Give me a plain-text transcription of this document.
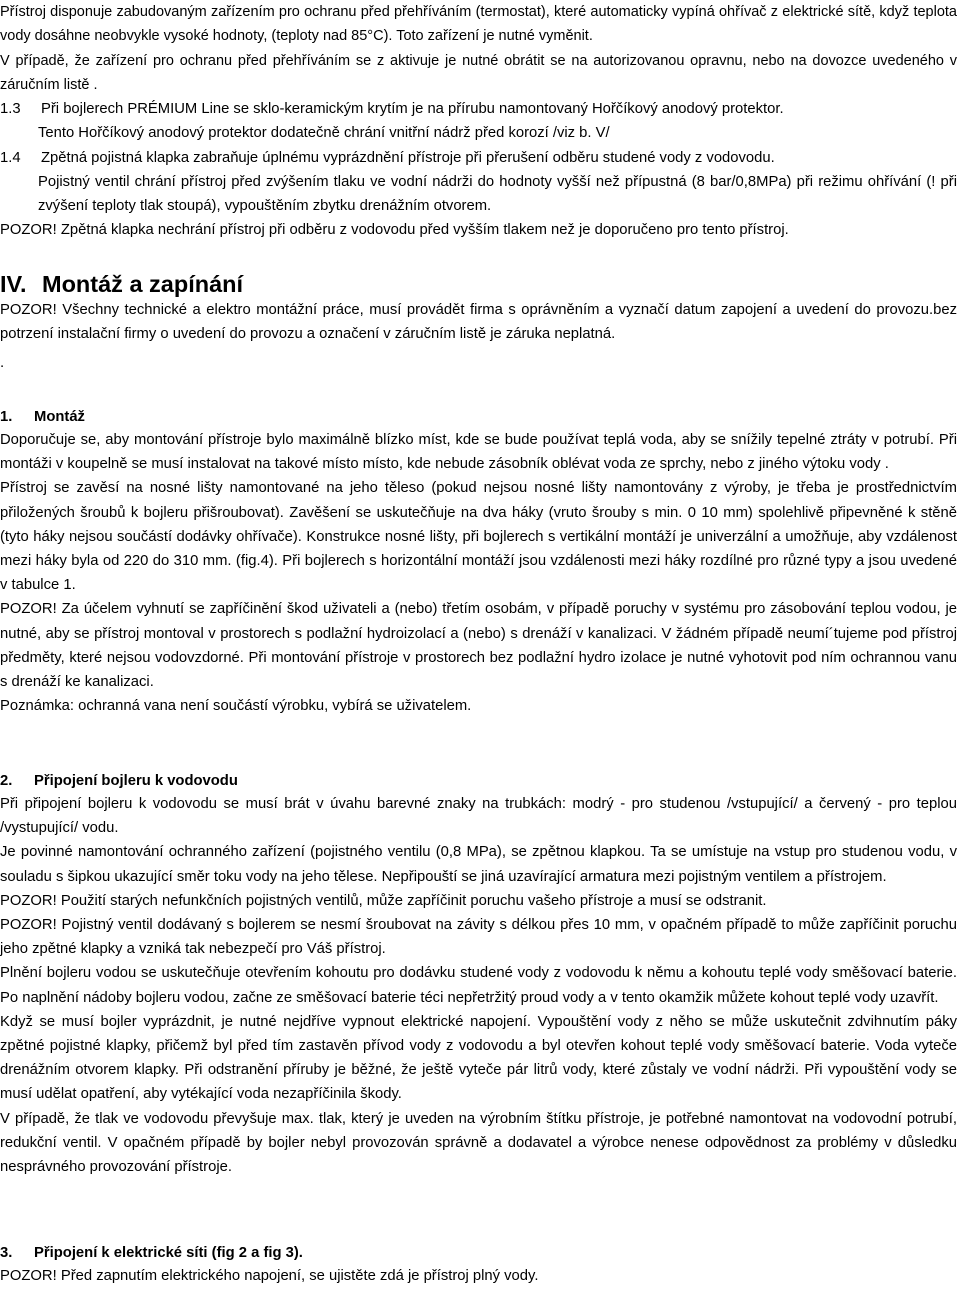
Přístroj disponuje zabudovaným zařízením pro ochranu před přehříváním (termostat), které automaticky vypíná ohřívač z elektrické sítě, když teplota vody dosáhne neobvykle vysoké hodnoty, (teploty nad 85°C). Toto zařízení je nutné vyměnit.

V případě, že zařízení pro ochranu před přehříváním se z aktivuje je nutné obrátit se na autorizovanou opravnu, nebo na dovozce uvedeného v záručním listě .

1.3	Při bojlerech PRÉMIUM Line se sklo-keramickým krytím je na přírubu namontovaný Hořčíkový anodový protektor.

Tento Hořčíkový anodový protektor dodatečně chrání vnitřní nádrž před korozí /viz b. V/

1.4	Zpětná pojistná klapka zabraňuje úplnému vyprázdnění přístroje při přerušení odběru studené vody z vodovodu.

Pojistný ventil chrání přístroj před zvýšením tlaku ve vodní nádrži do hodnoty vyšší než přípustná (8 bar/0,8MPa) při režimu ohřívání (! při zvýšení teploty tlak stoupá), vypouštěním zbytku drenážním otvorem.

POZOR! Zpětná klapka nechrání přístroj při odběru z vodovodu před vyšším tlakem než je doporučeno pro tento přístroj.

IV. Montáž a zapínání

POZOR! Všechny technické a elektro montážní práce, musí provádět firma s oprávněním a vyznačí datum zapojení a uvedení do provozu.bez potrzení instalační firmy o uvedení do provozu a označení v záručním listě je záruka neplatná.

.

1. Montáž

Doporučuje se, aby montování přístroje bylo maximálně blízko míst, kde se bude používat teplá voda, aby se snížily tepelné ztráty v potrubí. Při montáži v koupelně se musí instalovat na takové místo místo, kde nebude zásobník oblévat voda ze sprchy, nebo z jiného výtoku vody .

Přístroj se zavěsí na nosné lišty namontované na jeho těleso (pokud nejsou nosné lišty namontovány z výroby, je třeba je prostřednictvím přiložených šroubů k bojleru přišroubovat). Zavěšení se uskutečňuje na dva háky (vruto šrouby s min. 0 10 mm) spolehlivě připevněné k stěně (tyto háky nejsou součástí dodávky ohřívače). Konstrukce nosné lišty, při bojlerech s vertikální montáží je univerzální a umožňuje, aby vzdálenost mezi háky byla od 220 do 310 mm. (fig.4). Při bojlerech s horizontální montáží jsou vzdálenosti mezi háky rozdílné pro různé typy a jsou uvedené v tabulce 1.

POZOR! Za účelem vyhnutí se zapříčinění škod uživateli a (nebo) třetím osobám, v případě poruchy v systému pro zásobování teplou vodou, je nutné, aby se přístroj montoval v prostorech s podlažní hydroizolací a (nebo) s drenáží v kanalizaci. V žádném případě neumí´tujeme pod přístroj předměty, které nejsou vodovzdorné. Při montování přístroje v prostorech bez podlažní hydro izolace je nutné vyhotovit pod ním ochrannou vanu s drenáží ke kanalizaci.

Poznámka: ochranná vana není součástí výrobku, vybírá se uživatelem.

2. Připojení bojleru k vodovodu

Při připojení bojleru k vodovodu se musí brát v úvahu barevné znaky na trubkách: modrý - pro studenou /vstupující/ a červený - pro teplou /vystupující/ vodu.

Je povinné namontování ochranného zařízení (pojistného ventilu (0,8 MPa), se zpětnou klapkou. Ta se umístuje na vstup pro studenou vodu, v souladu s šipkou ukazující směr toku vody na jeho tělese. Nepřipouští se jiná uzavírající armatura mezi pojistným ventilem a přístrojem.

POZOR! Použití starých nefunkčních pojistných ventilů, může zapříčinit poruchu vašeho přístroje a musí se odstranit.

POZOR! Pojistný ventil dodávaný s bojlerem se nesmí šroubovat na závity s délkou přes 10 mm, v opačném případě to může zapříčinit poruchu jeho zpětné klapky a vzniká tak nebezpečí pro Váš přístroj.

Plnění bojleru vodou se uskutečňuje otevřením kohoutu pro dodávku studené vody z vodovodu k němu a kohoutu teplé vody směšovací baterie. Po naplnění nádoby bojleru vodou, začne ze směšovací baterie téci nepřetržitý proud vody a v tento okamžik můžete kohout teplé vody uzavřít.

Když se musí bojler vyprázdnit, je nutné nejdříve vypnout elektrické napojení. Vypouštění vody z něho se může uskutečnit zdvihnutím páky zpětné pojistné klapky, přičemž byl před tím zastavěn přívod vody z vodovodu a byl otevřen kohout teplé vody směšovací baterie. Voda vyteče drenážním otvorem klapky. Při odstranění příruby je běžné, že ještě vyteče pár litrů vody, které zůstaly ve vodní nádrži. Při vypouštění vody se musí udělat opatření, aby vytékající voda nezapříčinila škody.

V případě, že tlak ve vodovodu převyšuje max. tlak, který je uveden na výrobním štítku přístroje, je potřebné namontovat na vodovodní potrubí, redukční ventil. V opačném případě by bojler nebyl provozován správně a dodavatel a výrobce nenese odpovědnost za problémy v důsledku nesprávného provozování přístroje.

3. Připojení k elektrické síti (fig 2 a fig 3).

POZOR! Před zapnutím elektrického napojení, se ujistěte zdá je přístroj plný vody.
